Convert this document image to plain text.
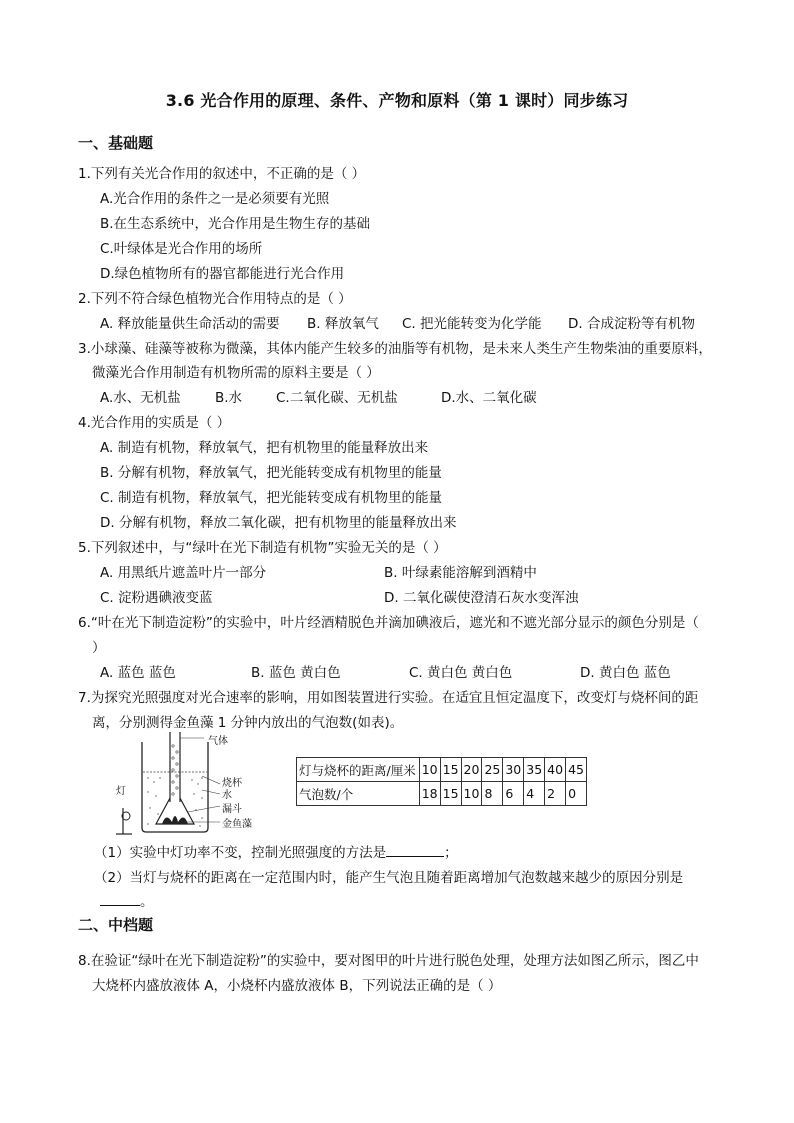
3.6 光合作用的原理、条件、产物和原料（第 1 课时）同步练习
一、基础题
1.下列有关光合作用的叙述中，不正确的是（ ）
A.光合作用的条件之一是必须要有光照
B.在生态系统中，光合作用是生物生存的基础
C.叶绿体是光合作用的场所
D.绿色植物所有的器官都能进行光合作用
2.下列不符合绿色植物光合作用特点的是（ ）
A. 释放能量供生命活动的需要 B. 释放氧气 C. 把光能转变为化学能 D. 合成淀粉等有机物
3.小球藻、硅藻等被称为微藻，其体内能产生较多的油脂等有机物，是未来人类生产生物柴油的重要原料，
微藻光合作用制造有机物所需的原料主要是（ ）
A.水、无机盐	B.水	C.二氧化碳、无机盐	D.水、二氧化碳
4.光合作用的实质是（ ）
A. 制造有机物，释放氧气，把有机物里的能量释放出来
B. 分解有机物，释放氧气，把光能转变成有机物里的能量
C. 制造有机物，释放氧气，把光能转变成有机物里的能量
D. 分解有机物，释放二氧化碳，把有机物里的能量释放出来
5.下列叙述中，与“绿叶在光下制造有机物”实验无关的是（ ）
A. 用黑纸片遮盖叶片一部分	B. 叶绿素能溶解到酒精中
C. 淀粉遇碘液变蓝	D. 二氧化碳使澄清石灰水变浑浊
6.“叶在光下制造淀粉”的实验中，叶片经酒精脱色并滴加碘液后，遮光和不遮光部分显示的颜色分别是（
）
A. 蓝色 蓝色	B. 蓝色 黄白色	C. 黄白色 黄白色	D. 黄白色 蓝色
7.为探究光照强度对光合速率的影响，用如图装置进行实验。在适宜且恒定温度下，改变灯与烧杯间的距
离，分别测得金鱼藻 1 分钟内放出的气泡数(如表)。
气体
烧杯
水
漏斗
金鱼藻
灯
灯与烧杯的距离/厘米	10	15	20	25	30	35	40	45
气泡数/个	18	15	10	8	6	4	2	0
（1）实验中灯功率不变，控制光照强度的方法是	；
（2）当灯与烧杯的距离在一定范围内时，能产生气泡且随着距离增加气泡数越来越少的原因分别是
。
二、中档题
8.在验证“绿叶在光下制造淀粉”的实验中，要对图甲的叶片进行脱色处理，处理方法如图乙所示，图乙中
大烧杯内盛放液体 A，小烧杯内盛放液体 B，下列说法正确的是（ ）
